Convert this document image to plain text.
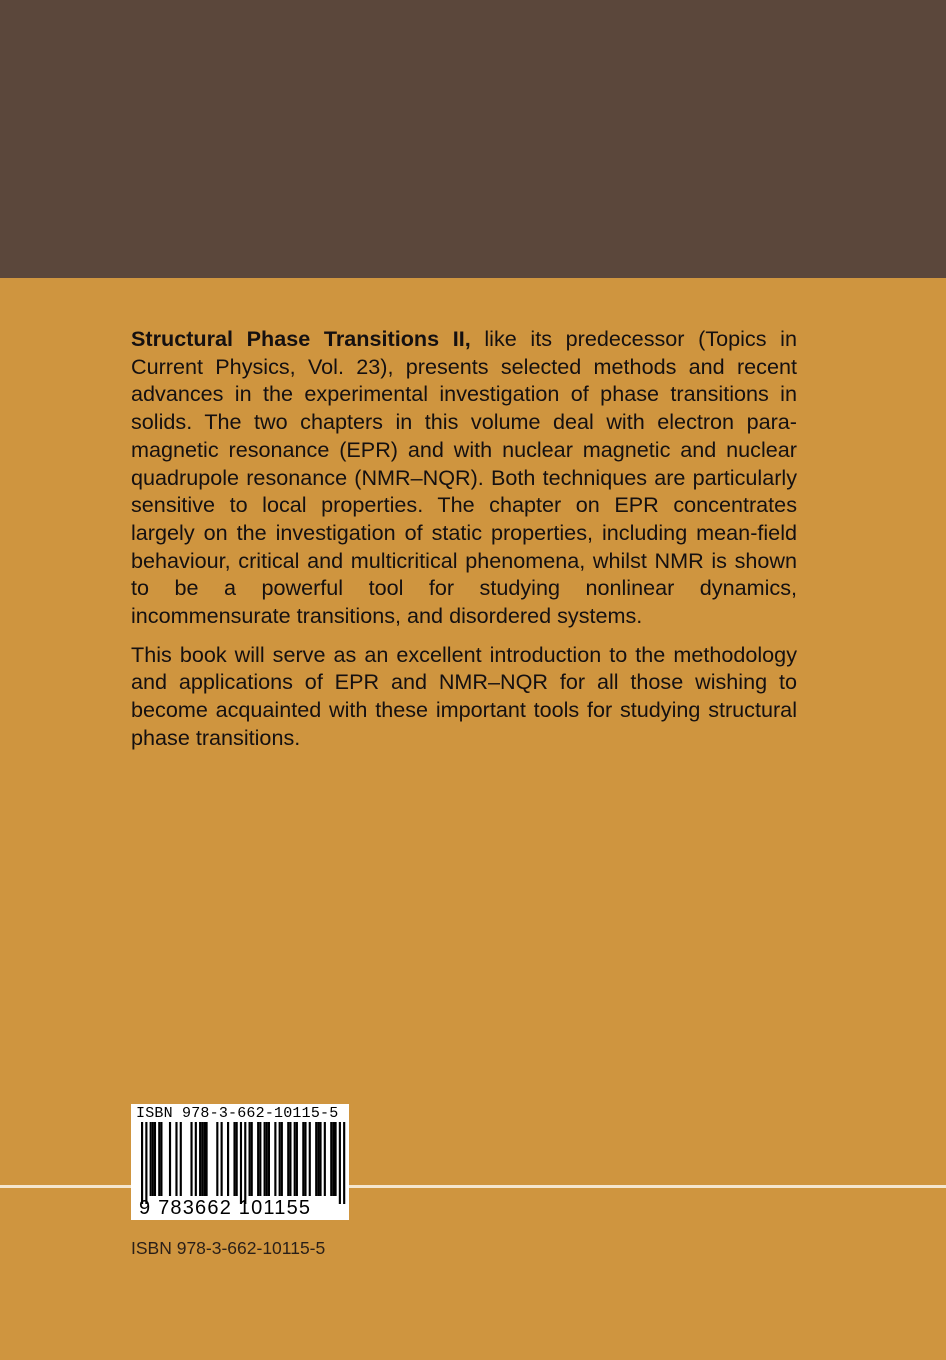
Structural Phase Transitions II, like its predecessor (Topics in Current Physics, Vol. 23), presents selected methods and recent advances in the experimental investigation of phase transitions in solids. The two chapters in this volume deal with electron paramagnetic resonance (EPR) and with nuclear magnetic and nuclear quadrupole resonance (NMR–NQR). Both techniques are particularly sensitive to local properties. The chapter on EPR concentrates largely on the investigation of static properties, including mean-field behaviour, critical and multicritical phenomena, whilst NMR is shown to be a powerful tool for studying nonlinear dynamics, incommensurate transitions, and disordered systems.

This book will serve as an excellent introduction to the methodology and applications of EPR and NMR–NQR for all those wishing to become acquainted with these important tools for studying structural phase transitions.

ISBN 978-3-662-10115-5
9 783662 101155
ISBN 978-3-662-10115-5
